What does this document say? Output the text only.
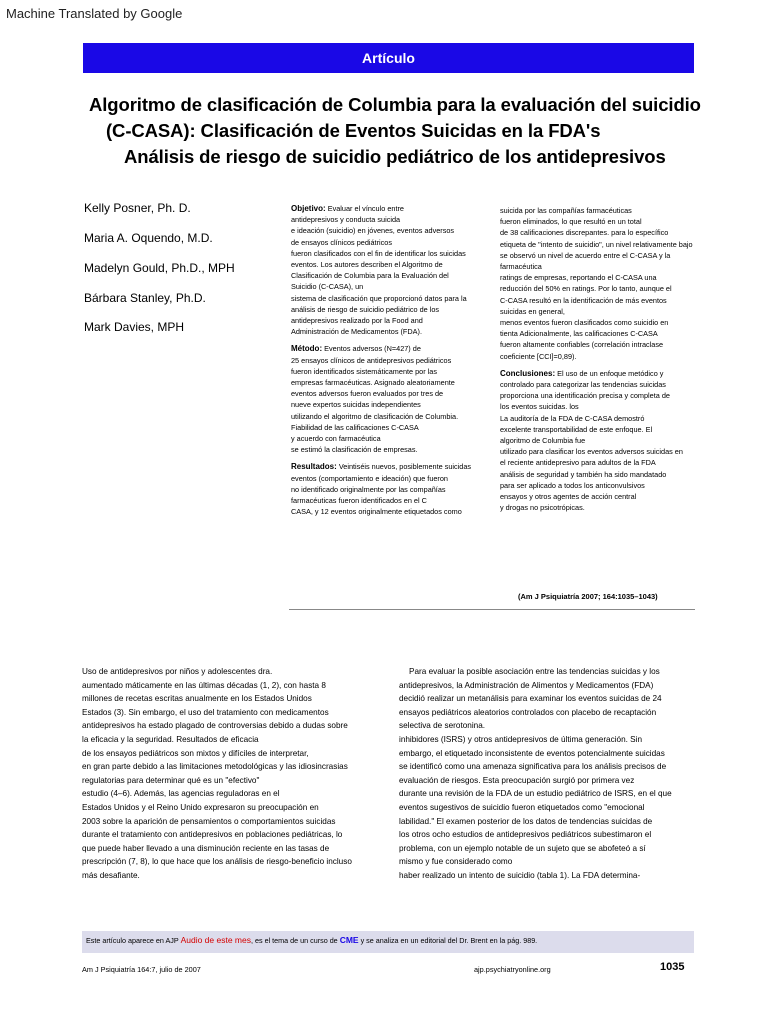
Machine Translated by Google
Artículo
Algoritmo de clasificación de Columbia para la evaluación del suicidio
(C-CASA): Clasificación de Eventos Suicidas en la FDA's
Análisis de riesgo de suicidio pediátrico de los antidepresivos
Kelly Posner, Ph. D.
Maria A. Oquendo, M.D.
Madelyn Gould, Ph.D., MPH
Bárbara Stanley, Ph.D.
Mark Davies, MPH
Objetivo: Evaluar el vínculo entre
antidepresivos y conducta suicida
e ideación (suicidio) en jóvenes, eventos adversos
de ensayos clínicos pediátricos
fueron clasificados con el fin de identificar los suicidas
eventos. Los autores describen el Algoritmo de
Clasificación de Columbia para la Evaluación del
Suicidio (C-CASA), un
sistema de clasificación que proporcionó datos para la
análisis de riesgo de suicidio pediátrico de los
antidepresivos realizado por la Food and
Administración de Medicamentos (FDA).
Método: Eventos adversos (N=427) de
25 ensayos clínicos de antidepresivos pediátricos
fueron identificados sistemáticamente por las
empresas farmacéuticas. Asignado aleatoriamente
eventos adversos fueron evaluados por tres de
nueve expertos suicidas independientes
utilizando el algoritmo de clasificación de Columbia.
Fiabilidad de las calificaciones C-CASA
y acuerdo con farmacéutica
se estimó la clasificación de empresas.
Resultados: Veintiséis nuevos, posiblemente suicidas
eventos (comportamiento e ideación) que fueron
no identificado originalmente por las compañías
farmacéuticas fueron identificados en el C
CASA, y 12 eventos originalmente etiquetados como
suicida por las compañías farmacéuticas
fueron eliminados, lo que resultó en un total
de 38 calificaciones discrepantes. para lo específico
etiqueta de "intento de suicidio", un nivel relativamente bajo
se observó un nivel de acuerdo entre el C-CASA y la
farmacéutica
ratings de empresas, reportando el C-CASA una
reducción del 50% en ratings. Por lo tanto, aunque el
C-CASA resultó en la identificación de más eventos
suicidas en general,
menos eventos fueron clasificados como suicidio en
tienta Adicionalmente, las calificaciones C-CASA
fueron altamente confiables (correlación intraclase
coeficiente [CCI]=0,89).
Conclusiones: El uso de un enfoque metódico y
controlado para categorizar las tendencias suicidas
proporciona una identificación precisa y completa de
los eventos suicidas. los
La auditoría de la FDA de C-CASA demostró
excelente transportabilidad de este enfoque. El
algoritmo de Columbia fue
utilizado para clasificar los eventos adversos suicidas en
el reciente antidepresivo para adultos de la FDA
análisis de seguridad y también ha sido mandatado
para ser aplicado a todos los anticonvulsivos
ensayos y otros agentes de acción central
y drogas no psicotrópicas.
(Am J Psiquiatría 2007; 164:1035–1043)
Uso de antidepresivos por niños y adolescentes dra.
aumentado máticamente en las últimas décadas (1, 2), con hasta 8
millones de recetas escritas anualmente en los Estados Unidos
Estados (3). Sin embargo, el uso del tratamiento con medicamentos
antidepresivos ha estado plagado de controversias debido a dudas sobre
la eficacia y la seguridad. Resultados de eficacia
de los ensayos pediátricos son mixtos y difíciles de interpretar,
en gran parte debido a las limitaciones metodológicas y las idiosincrasias
regulatorias para determinar qué es un "efectivo"
estudio (4–6). Además, las agencias reguladoras en el
Estados Unidos y el Reino Unido expresaron su preocupación en
2003 sobre la aparición de pensamientos o comportamientos suicidas
durante el tratamiento con antidepresivos en poblaciones pediátricas, lo
que puede haber llevado a una disminución reciente en las tasas de
prescripción (7, 8), lo que hace que los análisis de riesgo-beneficio incluso
más desafiante.
Para evaluar la posible asociación entre las tendencias suicidas y los
antidepresivos, la Administración de Alimentos y Medicamentos (FDA)
decidió realizar un metanálisis para examinar los eventos suicidas de 24
ensayos pediátricos aleatorios controlados con placebo de recaptación
selectiva de serotonina.
inhibidores (ISRS) y otros antidepresivos de última generación. Sin
embargo, el etiquetado inconsistente de eventos potencialmente suicidas
se identificó como una amenaza significativa para los análisis precisos de
evaluación de riesgos. Esta preocupación surgió por primera vez
durante una revisión de la FDA de un estudio pediátrico de ISRS, en el que
eventos sugestivos de suicidio fueron etiquetados como "emocional
labilidad." El examen posterior de los datos de tendencias suicidas de
los otros ocho estudios de antidepresivos pediátricos subestimaron el
problema, con un ejemplo notable de un sujeto que se abofeteó a sí
mismo y fue considerado como
haber realizado un intento de suicidio (tabla 1). La FDA determina-
Este artículo aparece en AJP Audio de este mes, es el tema de un curso de CME y se analiza en un editorial del Dr. Brent en la pág. 989.
Am J Psiquiatría 164:7, julio de 2007	ajp.psychiatryonline.org	1035
